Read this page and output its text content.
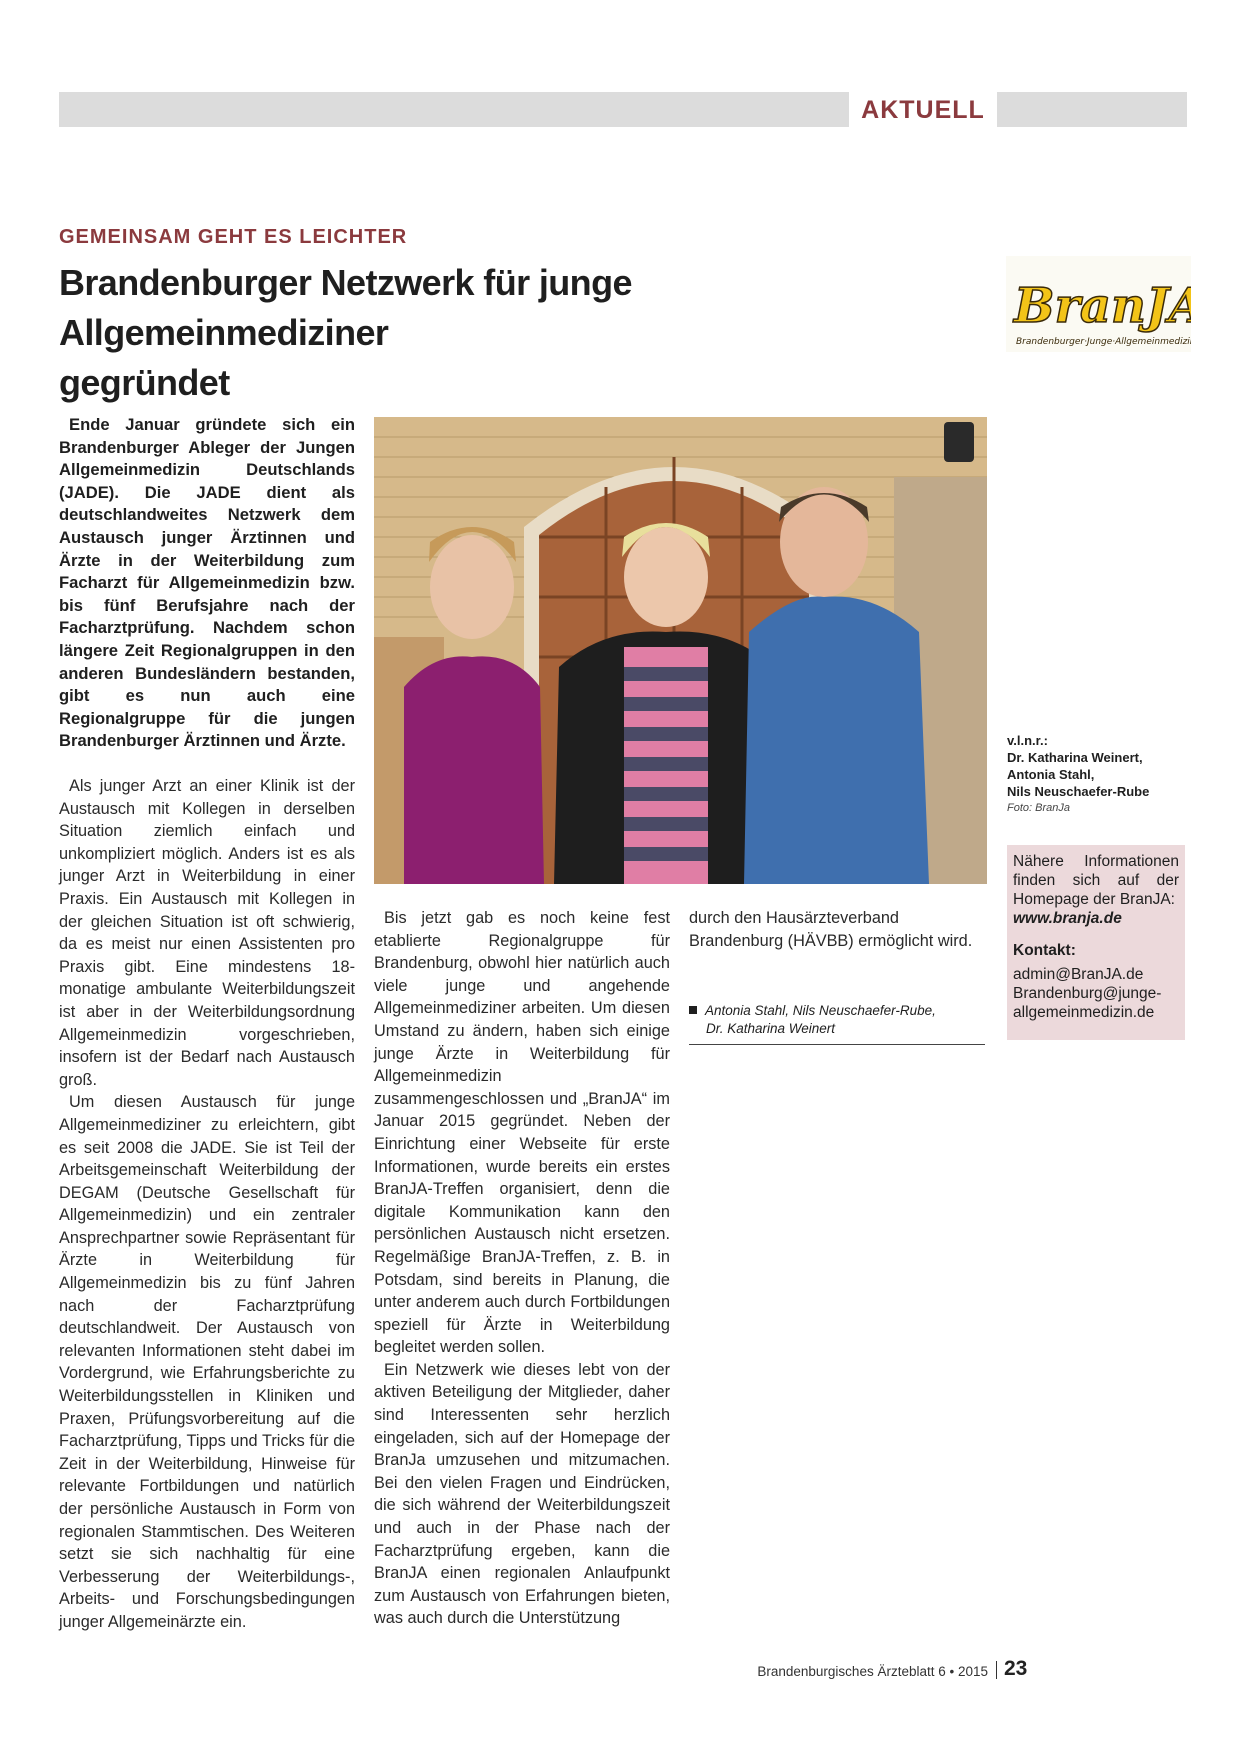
AKTUELL
GEMEINSAM GEHT ES LEICHTER
Brandenburger Netzwerk für junge Allgemeinmediziner
gegründet
BranJA
Brandenburger·Junge·Allgemeinmedizin

Ende Januar gründete sich ein Brandenburger Ableger der Jungen Allgemeinmedizin Deutschlands (JADE). Die JADE dient als deutschlandweites Netzwerk dem Austausch junger Ärztinnen und Ärzte in der Weiterbildung zum Facharzt für Allgemeinmedizin bzw. bis fünf Berufsjahre nach der Facharztprüfung. Nachdem schon längere Zeit Regionalgruppen in den anderen Bundesländern bestanden, gibt es nun auch eine Regionalgruppe für die jungen Brandenburger Ärztinnen und Ärzte.

Als junger Arzt an einer Klinik ist der Austausch mit Kollegen in derselben Situation ziemlich einfach und unkompliziert möglich. Anders ist es als junger Arzt in Weiterbildung in einer Praxis. Ein Austausch mit Kollegen in der gleichen Situation ist oft schwierig, da es meist nur einen Assistenten pro Praxis gibt. Eine mindestens 18-monatige ambulante Weiterbildungszeit ist aber in der Weiterbildungsordnung Allgemeinmedizin vorgeschrieben, insofern ist der Bedarf nach Austausch groß.

Um diesen Austausch für junge Allgemeinmediziner zu erleichtern, gibt es seit 2008 die JADE. Sie ist Teil der Arbeitsgemeinschaft Weiterbildung der DEGAM (Deutsche Gesellschaft für Allgemeinmedizin) und ein zentraler Ansprechpartner sowie Repräsentant für Ärzte in Weiterbildung für Allgemeinmedizin bis zu fünf Jahren nach der Facharztprüfung deutschlandweit. Der Austausch von relevanten Informationen steht dabei im Vordergrund, wie Erfahrungsberichte zu Weiterbildungsstellen in Kliniken und Praxen, Prüfungsvorbereitung auf die Facharztprüfung, Tipps und Tricks für die Zeit in der Weiterbildung, Hinweise für relevante Fortbildungen und natürlich der persönliche Austausch in Form von regionalen Stammtischen. Des Weiteren setzt sie sich nachhaltig für eine Verbesserung der Weiterbildungs-, Arbeits- und Forschungsbedingungen junger Allgemeinärzte ein.

Bis jetzt gab es noch keine fest etablierte Regionalgruppe für Brandenburg, obwohl hier natürlich auch viele junge und angehende Allgemeinmediziner arbeiten. Um diesen Umstand zu ändern, haben sich einige junge Ärzte in Weiterbildung für Allgemeinmedizin zusammengeschlossen und „BranJA“ im Januar 2015 gegründet. Neben der Einrichtung einer Webseite für erste Informationen, wurde bereits ein erstes BranJA-Treffen organisiert, denn die digitale Kommunikation kann den persönlichen Austausch nicht ersetzen. Regelmäßige BranJA-Treffen, z. B. in Potsdam, sind bereits in Planung, die unter anderem auch durch Fortbildungen speziell für Ärzte in Weiterbildung begleitet werden sollen.

Ein Netzwerk wie dieses lebt von der aktiven Beteiligung der Mitglieder, daher sind Interessenten sehr herzlich eingeladen, sich auf der Homepage der BranJa umzusehen und mitzumachen. Bei den vielen Fragen und Eindrücken, die sich während der Weiterbildungszeit und auch in der Phase nach der Facharztprüfung ergeben, kann die BranJA einen regionalen Anlaufpunkt zum Austausch von Erfahrungen bieten, was auch durch die Unterstützung

durch den Hausärzteverband Brandenburg (HÄVBB) ermöglicht wird.

Antonia Stahl, Nils Neuschaefer-Rube,
Dr. Katharina Weinert
v.l.n.r.:
Dr. Katharina Weinert,
Antonia Stahl,
Nils Neuschaefer-Rube
Foto: BranJa
Nähere Informationen finden sich auf der Homepage der BranJA:
www.branja.de
Kontakt:
admin@BranJA.de
Brandenburg@junge-
allgemeinmedizin.de
Brandenburgisches Ärzteblatt 6 • 2015 23
